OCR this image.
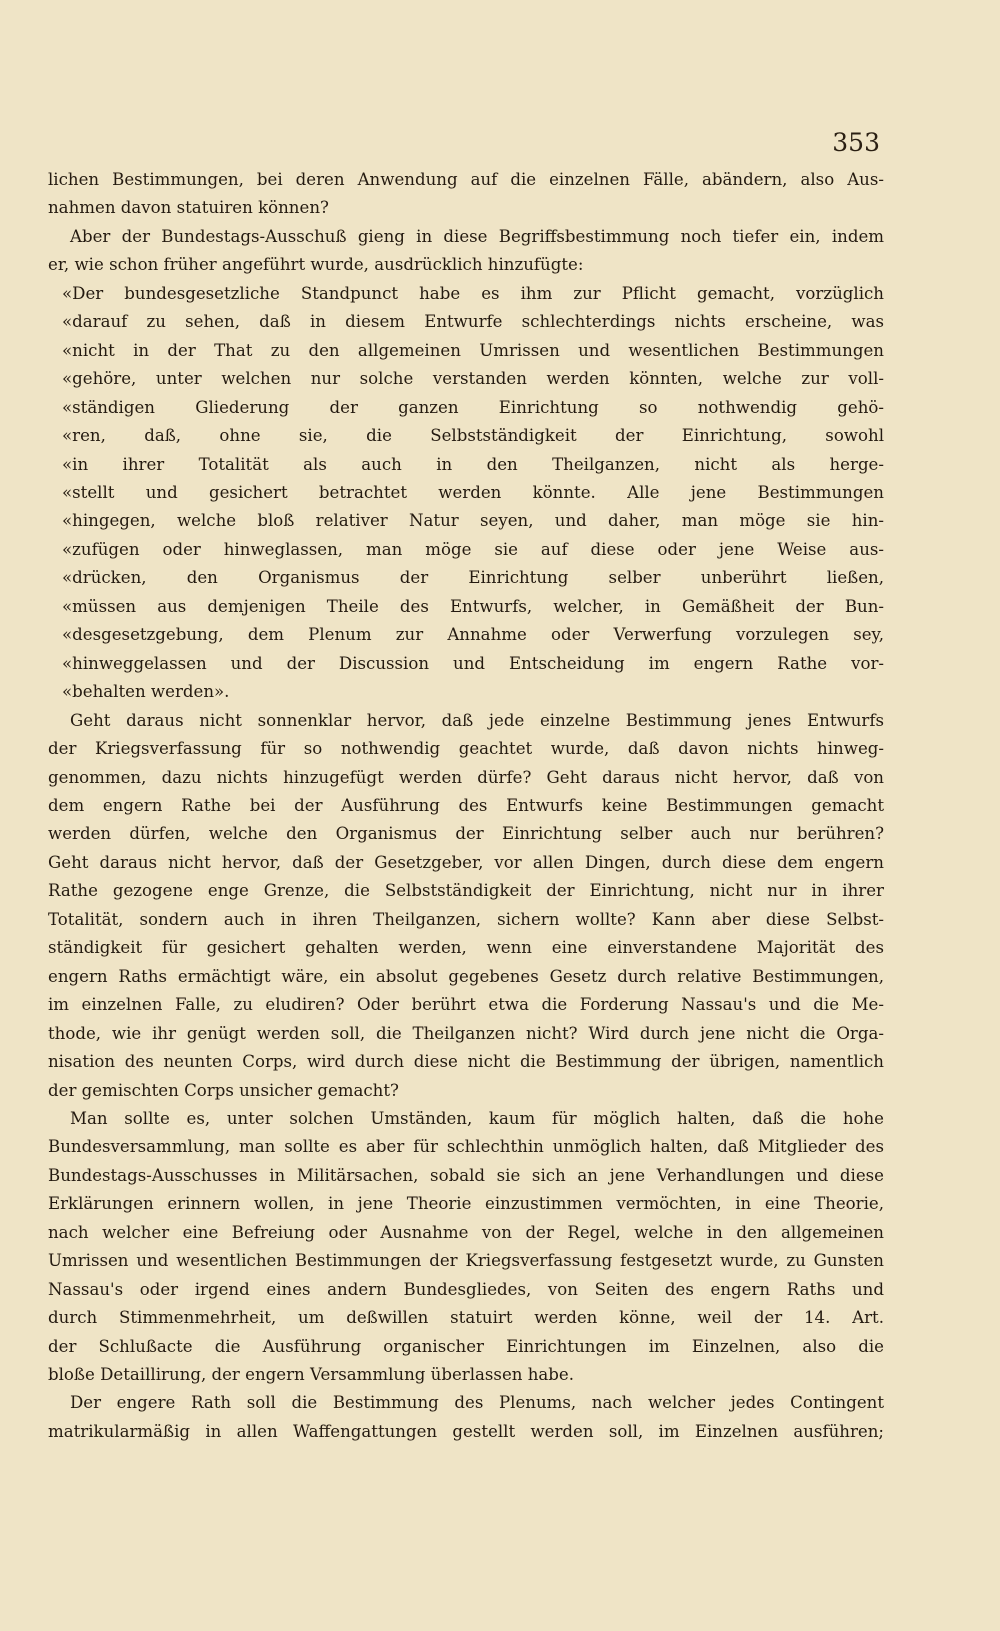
353
lichen Bestimmungen, bei deren Anwendung auf die einzelnen Fälle, abändern, also Aus-
nahmen davon statuiren können?
Aber der Bundestags-Ausschuß gieng in diese Begriffsbestimmung noch tiefer ein, indem
er, wie schon früher angeführt wurde, ausdrücklich hinzufügte:
«Der bundesgesetzliche Standpunct habe es ihm zur Pflicht gemacht, vorzüglich
«darauf zu sehen, daß in diesem Entwurfe schlechterdings nichts erscheine, was
«nicht in der That zu den allgemeinen Umrissen und wesentlichen Bestimmungen
«gehöre, unter welchen nur solche verstanden werden könnten, welche zur voll-
«ständigen Gliederung der ganzen Einrichtung so nothwendig gehö-
«ren, daß, ohne sie, die Selbstständigkeit der Einrichtung, sowohl
«in ihrer Totalität als auch in den Theilganzen, nicht als herge-
«stellt und gesichert betrachtet werden könnte. Alle jene Bestimmungen
«hingegen, welche bloß relativer Natur seyen, und daher, man möge sie hin-
«zufügen oder hinweglassen, man möge sie auf diese oder jene Weise aus-
«drücken, den Organismus der Einrichtung selber unberührt ließen,
«müssen aus demjenigen Theile des Entwurfs, welcher, in Gemäßheit der Bun-
«desgesetzgebung, dem Plenum zur Annahme oder Verwerfung vorzulegen sey,
«hinweggelassen und der Discussion und Entscheidung im engern Rathe vor-
«behalten werden».
Geht daraus nicht sonnenklar hervor, daß jede einzelne Bestimmung jenes Entwurfs
der Kriegsverfassung für so nothwendig geachtet wurde, daß davon nichts hinweg-
genommen, dazu nichts hinzugefügt werden dürfe? Geht daraus nicht hervor, daß von
dem engern Rathe bei der Ausführung des Entwurfs keine Bestimmungen gemacht
werden dürfen, welche den Organismus der Einrichtung selber auch nur berühren?
Geht daraus nicht hervor, daß der Gesetzgeber, vor allen Dingen, durch diese dem engern
Rathe gezogene enge Grenze, die Selbstständigkeit der Einrichtung, nicht nur in ihrer
Totalität, sondern auch in ihren Theilganzen, sichern wollte? Kann aber diese Selbst-
ständigkeit für gesichert gehalten werden, wenn eine einverstandene Majorität des
engern Raths ermächtigt wäre, ein absolut gegebenes Gesetz durch relative Bestimmungen,
im einzelnen Falle, zu eludiren? Oder berührt etwa die Forderung Nassau's und die Me-
thode, wie ihr genügt werden soll, die Theilganzen nicht? Wird durch jene nicht die Orga-
nisation des neunten Corps, wird durch diese nicht die Bestimmung der übrigen, namentlich
der gemischten Corps unsicher gemacht?
Man sollte es, unter solchen Umständen, kaum für möglich halten, daß die hohe
Bundesversammlung, man sollte es aber für schlechthin unmöglich halten, daß Mitglieder des
Bundestags-Ausschusses in Militärsachen, sobald sie sich an jene Verhandlungen und diese
Erklärungen erinnern wollen, in jene Theorie einzustimmen vermöchten, in eine Theorie,
nach welcher eine Befreiung oder Ausnahme von der Regel, welche in den allgemeinen
Umrissen und wesentlichen Bestimmungen der Kriegsverfassung festgesetzt wurde, zu Gunsten
Nassau's oder irgend eines andern Bundesgliedes, von Seiten des engern Raths und
durch Stimmenmehrheit, um deßwillen statuirt werden könne, weil der 14. Art.
der Schlußacte die Ausführung organischer Einrichtungen im Einzelnen, also die
bloße Detaillirung, der engern Versammlung überlassen habe.
Der engere Rath soll die Bestimmung des Plenums, nach welcher jedes Contingent
matrikularmäßig in allen Waffengattungen gestellt werden soll, im Einzelnen ausführen;
